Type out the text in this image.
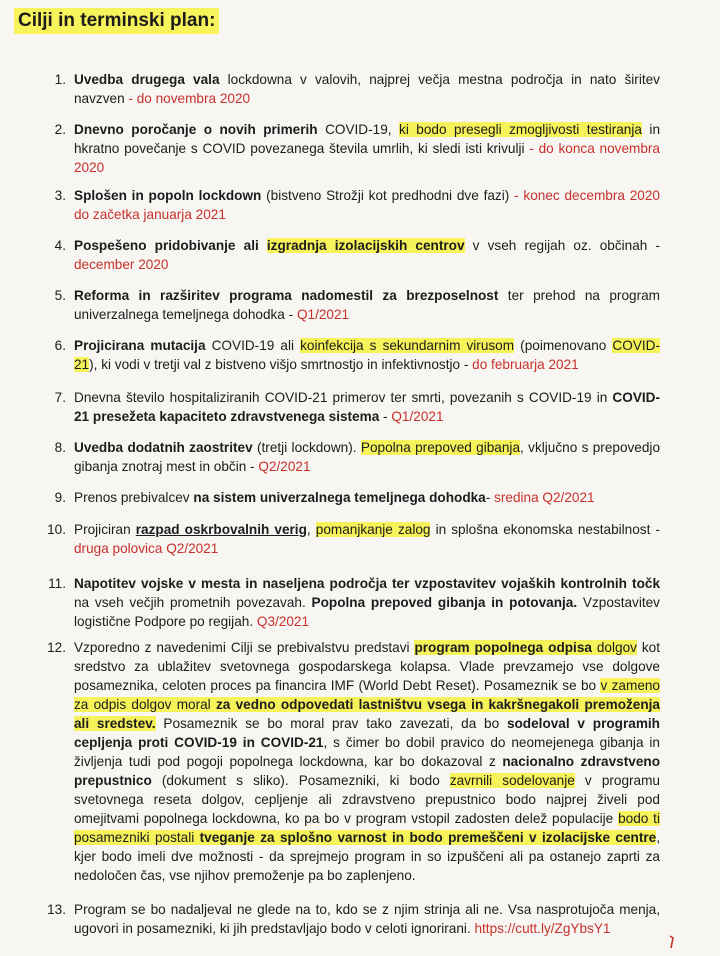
Cilji in terminski plan:
1. Uvedba drugega vala lockdowna v valovih, najprej večja mestna področja in nato širitev navzven - do novembra 2020
2. Dnevno poročanje o novih primerih COVID-19, ki bodo presegli zmogljivosti testiranja in hkratno povečanje s COVID povezanega števila umrlih, ki sledi isti krivulji - do konca novembra 2020
3. Splošen in popoln lockdown (bistveno Strožji kot predhodni dve fazi) - konec decembra 2020 do začetka januarja 2021
4. Pospešeno pridobivanje ali izgradnja izolacijskih centrov v vseh regijah oz. občinah - december 2020
5. Reforma in razširitev programa nadomestil za brezposelnost ter prehod na program univerzalnega temeljnega dohodka - Q1/2021
6. Projicirana mutacija COVID-19 ali koinfekcija s sekundarnim virusom (poimenovano COVID-21), ki vodi v tretji val z bistveno višjo smrtnostjo in infektivnostjo - do februarja 2021
7. Dnevna število hospitaliziranih COVID-21 primerov ter smrti, povezanih s COVID-19 in COVID-21 presežeta kapaciteto zdravstvenega sistema - Q1/2021
8. Uvedba dodatnih zaostritev (tretji lockdown). Popolna prepoved gibanja, vključno s prepovedjo gibanja znotraj mest in občin - Q2/2021
9. Prenos prebivalcev na sistem univerzalnega temeljnega dohodka- sredina Q2/2021
10. Projiciran razpad oskrbovalnih verig, pomanjkanje zalog in splošna ekonomska nestabilnost - druga polovica Q2/2021
11. Napotitev vojske v mesta in naseljena področja ter vzpostavitev vojaških kontrolnih točk na vseh večjih prometnih povezavah. Popolna prepoved gibanja in potovanja. Vzpostavitev logistične Podpore po regijah. Q3/2021
12. Vzporedno z navedenimi Cilji se prebivalstvu predstavi program popolnega odpisa dolgov kot sredstvo za ublažitev svetovnega gospodarskega kolapsa. Vlade prevzamejo vse dolgove posameznika, celoten proces pa financira IMF (World Debt Reset). Posameznik se bo v zameno za odpis dolgov moral za vedno odpovedati lastništvu vsega in kakršnegakoli premoženja ali sredstev. Posameznik se bo moral prav tako zavezati, da bo sodeloval v programih cepljenja proti COVID-19 in COVID-21, s čimer bo dobil pravico do neomejenega gibanja in življenja tudi pod pogoji popolnega lockdowna, kar bo dokazoval z nacionalno zdravstveno prepustnico (dokument s sliko). Posamezniki, ki bodo zavrnili sodelovanje v programu svetovnega reseta dolgov, cepljenje ali zdravstveno prepustnico bodo najprej živeli pod omejitvami popolnega lockdowna, ko pa bo v program vstopil zadosten delež populacije bodo ti posamezniki postali tveganje za splošno varnost in bodo premeščeni v izolacijske centre, kjer bodo imeli dve možnosti - da sprejmejo program in so izpuščeni ali pa ostanejo zaprti za nedoločen čas, vse njihov premoženje pa bo zaplenjeno.
13. Program se bo nadaljeval ne glede na to, kdo se z njim strinja ali ne. Vsa nasprotujoča menja, ugovori in posamezniki, ki jih predstavljajo bodo v celoti ignorirani. https://cutt.ly/ZgYbsY1
